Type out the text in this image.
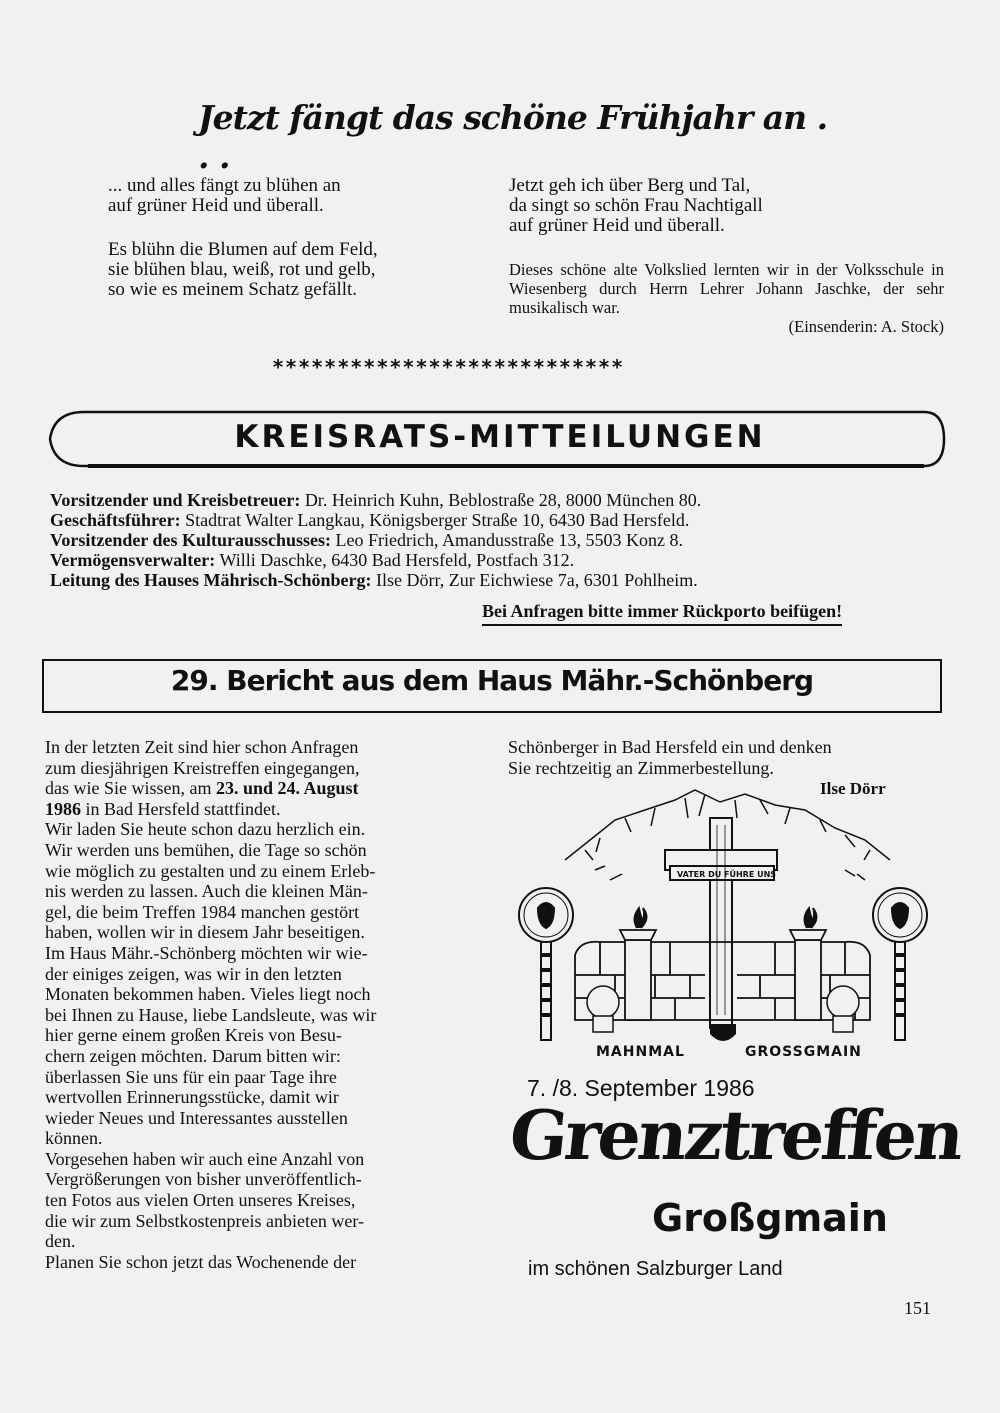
Jetzt fängt das schöne Frühjahr an . . .

... und alles fängt zu blühen an
auf grüner Heid und überall.

Es blühn die Blumen auf dem Feld,
sie blühen blau, weiß, rot und gelb,
so wie es meinem Schatz gefällt.

Jetzt geh ich über Berg und Tal,
da singt so schön Frau Nachtigall
auf grüner Heid und überall.

Dieses schöne alte Volkslied lernten wir in der Volksschule in Wiesenberg durch Herrn Lehrer Johann Jaschke, der sehr musikalisch war.
(Einsenderin: A. Stock)
***************************
KREISRATS-MITTEILUNGEN
Vorsitzender und Kreisbetreuer: Dr. Heinrich Kuhn, Beblostraße 28, 8000 München 80.
Geschäftsführer: Stadtrat Walter Langkau, Königsberger Straße 10, 6430 Bad Hersfeld.
Vorsitzender des Kulturausschusses: Leo Friedrich, Amandusstraße 13, 5503 Konz 8.
Vermögensverwalter: Willi Daschke, 6430 Bad Hersfeld, Postfach 312.
Leitung des Hauses Mährisch-Schönberg: Ilse Dörr, Zur Eichwiese 7a, 6301 Pohlheim.
Bei Anfragen bitte immer Rückporto beifügen!
29. Bericht aus dem Haus Mähr.-Schönberg
In der letzten Zeit sind hier schon Anfragen
zum diesjährigen Kreistreffen eingegangen,
das wie Sie wissen, am 23. und 24. August
1986 in Bad Hersfeld stattfindet.
Wir laden Sie heute schon dazu herzlich ein.
Wir werden uns bemühen, die Tage so schön
wie möglich zu gestalten und zu einem Erleb-
nis werden zu lassen. Auch die kleinen Män-
gel, die beim Treffen 1984 manchen gestört
haben, wollen wir in diesem Jahr beseitigen.
Im Haus Mähr.-Schönberg möchten wir wie-
der einiges zeigen, was wir in den letzten
Monaten bekommen haben. Vieles liegt noch
bei Ihnen zu Hause, liebe Landsleute, was wir
hier gerne einem großen Kreis von Besu-
chern zeigen möchten. Darum bitten wir:
überlassen Sie uns für ein paar Tage ihre
wertvollen Erinnerungsstücke, damit wir
wieder Neues und Interessantes ausstellen
können.
Vorgesehen haben wir auch eine Anzahl von
Vergrößerungen von bisher unveröffentlich-
ten Fotos aus vielen Orten unseres Kreises,
die wir zum Selbstkostenpreis anbieten wer-
den.
Planen Sie schon jetzt das Wochenende der
Schönberger in Bad Hersfeld ein und denken
Sie rechtzeitig an Zimmerbestellung.
Ilse Dörr
VATER DU FÜHRE UNS
MAHNMAL	GROSSGMAIN
7. /8. September 1986
Grenztreffen
Großgmain
im schönen Salzburger Land
151
